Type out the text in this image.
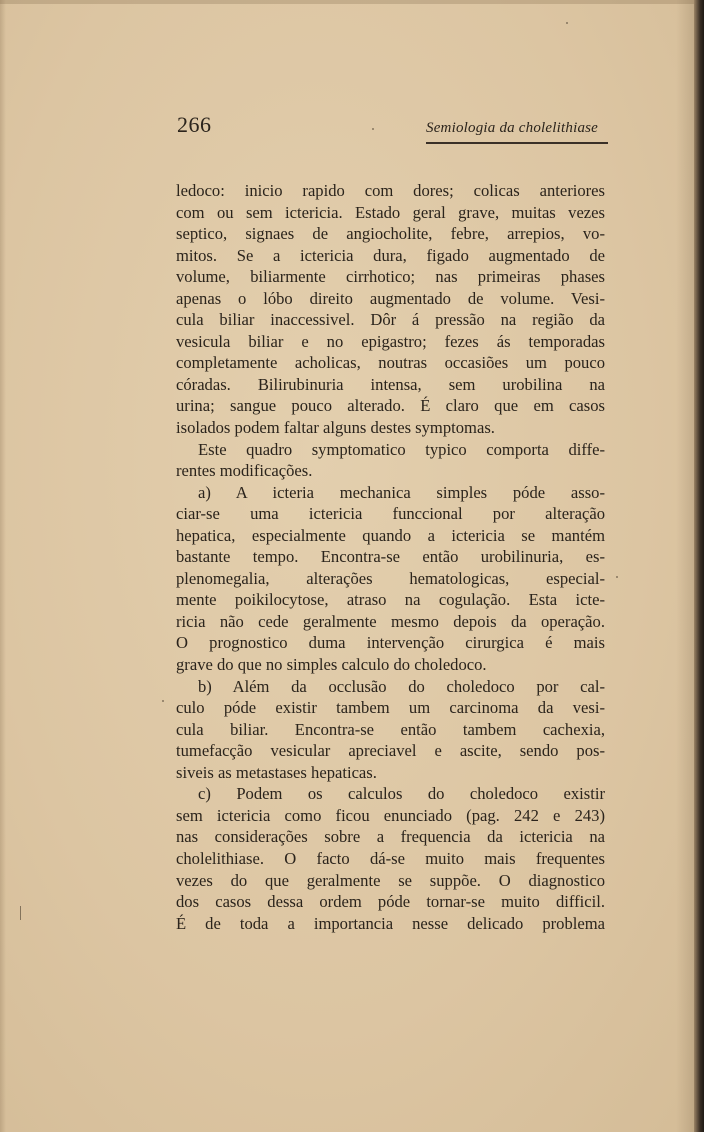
266	Semiologia da cholelithiase
ledoco: inicio rapido com dores; colicas anteriores
com ou sem ictericia. Estado geral grave, muitas vezes
septico, signaes de angiocholite, febre, arrepios, vo-
mitos. Se a ictericia dura, figado augmentado de
volume, biliarmente cirrhotico; nas primeiras phases
apenas o lóbo direito augmentado de volume. Vesi-
cula biliar inaccessivel. Dôr á pressão na região da
vesicula biliar e no epigastro; fezes ás temporadas
completamente acholicas, noutras occasiões um pouco
córadas. Bilirubinuria intensa, sem urobilina na
urina; sangue pouco alterado. É claro que em casos
isolados podem faltar alguns destes symptomas.
Este quadro symptomatico typico comporta diffe-
rentes modificações.
a) A icteria mechanica simples póde asso-
ciar-se uma ictericia funccional por alteração
hepatica, especialmente quando a ictericia se mantém
bastante tempo. Encontra-se então urobilinuria, es-
plenomegalia, alterações hematologicas, especial-
mente poikilocytose, atraso na cogulação. Esta icte-
ricia não cede geralmente mesmo depois da operação.
O prognostico duma intervenção cirurgica é mais
grave do que no simples calculo do choledoco.
b) Além da occlusão do choledoco por cal-
culo póde existir tambem um carcinoma da vesi-
cula biliar. Encontra-se então tambem cachexia,
tumefacção vesicular apreciavel e ascite, sendo pos-
siveis as metastases hepaticas.
c) Podem os calculos do choledoco existir
sem ictericia como ficou enunciado (pag. 242 e 243)
nas considerações sobre a frequencia da ictericia na
cholelithiase. O facto dá-se muito mais frequentes
vezes do que geralmente se suppõe. O diagnostico
dos casos dessa ordem póde tornar-se muito difficil.
É de toda a importancia nesse delicado problema
